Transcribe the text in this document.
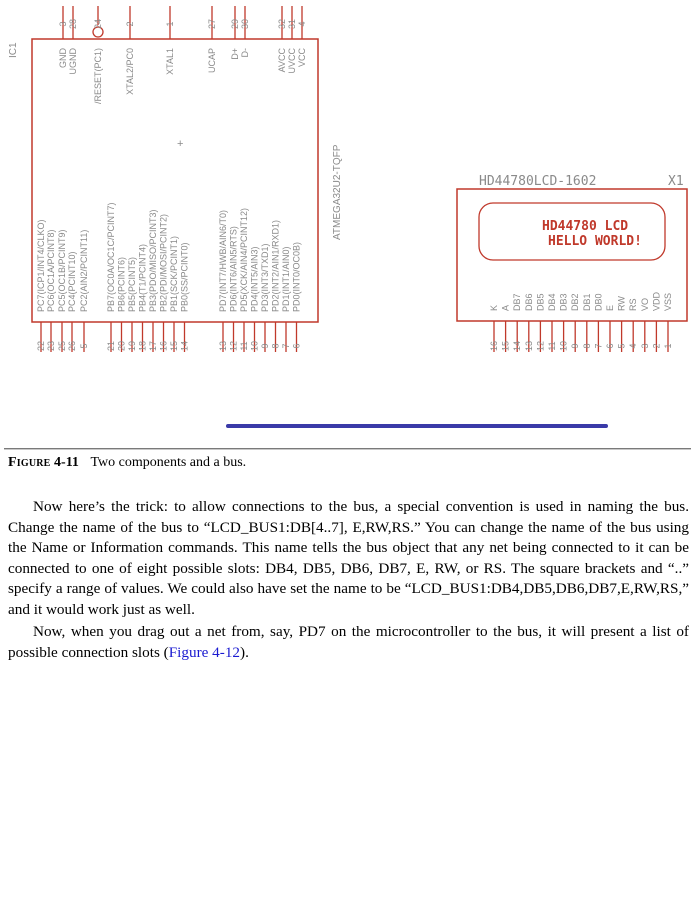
IC1
ATMEGA32U2-TQFP
+
3
GND
28
UGND
24
/RESET(PC1)
2
XTAL2/PC0
1
XTAL1
27
UCAP
29
D+
30
D-
32
AVCC
31
UVCC
4
VCC
PC7(ICP1/INT4/CLKO)
22
PC6(OC1A/PCINT8)
23
PC5(OC1B/PCINT9)
25
PC4(PCINT10)
26
PC2(AIN2/PCINT11)
5
PB7(OC0A/OC1C/PCINT7)
21
PB6(PCINT6)
20
PB5(PCINT5)
19
PB4(T1/PCINT4)
18
PB3(PDO/MISO/PCINT3)
17
PB2(PDI/MOSI/PCINT2)
16
PB1(SCK/PCINT1)
15
PB0(SS/PCINT0)
14
PD7(INT7/HWB/AIN6/T0)
13
PD6(INT6/AIN5/RTS)
12
PD5(XCK/AIN4/PCINT12)
11
PD4(INT5/AIN3)
10
PD3(INT3/TXD1)
9
PD2(INT2/AIN1/RXD1)
8
PD1(INT1/AIN0)
7
PD0(INT0/OC0B)
6
HD44780LCD-1602	X1
HD44780 LCD
HELLO WORLD!
K
16
A
15
DB7
14
DB6
13
DB5
12
DB4
11
DB3
10
DB2
9
DB1
8
DB0
7
E
6
RW
5
RS
4
VO
3
VDD
2
VSS
1
Figure 4-11 Two components and a bus.

Now here’s the trick: to allow connections to the bus, a special convention is used in naming the bus. Change the name of the bus to “LCD_BUS1:DB[4..7], E,RW,RS.” You can change the name of the bus using the Name or Information commands. This name tells the bus object that any net being connected to it can be connected to one of eight possible slots: DB4, DB5, DB6, DB7, E, RW, or RS. The square brackets and “..” specify a range of values. We could also have set the name to be “LCD_BUS1:DB4,DB5,DB6,DB7,E,RW,RS,” and it would work just as well.

Now, when you drag out a net from, say, PD7 on the microcontroller to the bus, it will present a list of possible connection slots (Figure 4-12).
